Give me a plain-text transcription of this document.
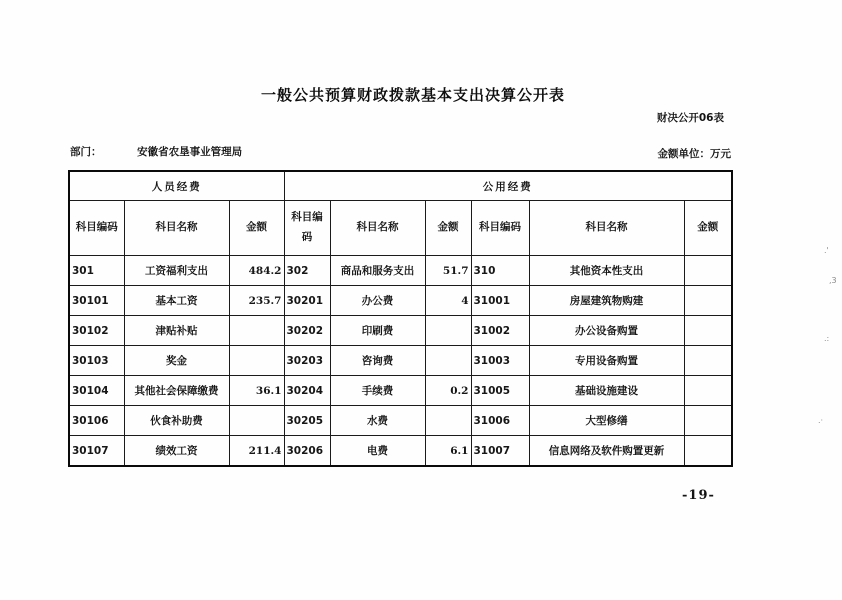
一般公共预算财政拨款基本支出决算公开表
财决公开06表
部门：	安徽省农垦事业管理局	金额单位：万元
人员经费			公用经费					
科目编码	科目名称	金额	科目编码	科目名称	金额	科目编码	科目名称	金额
301	工资福利支出	484.2	302	商品和服务支出	51.7	310	其他资本性支出	
30101	基本工资	235.7	30201	办公费	4	31001	房屋建筑物购建	
30102	津贴补贴		30202	印刷费		31002	办公设备购置	
30103	奖金		30203	咨询费		31003	专用设备购置	
30104	其他社会保障缴费	36.1	30204	手续费	0.2	31005	基础设施建设	
30106	伙食补助费		30205	水费		31006	大型修缮	
30107	绩效工资	211.4	30206	电费	6.1	31007	信息网络及软件购置更新	
-19-
.'
,3
.:
.·
